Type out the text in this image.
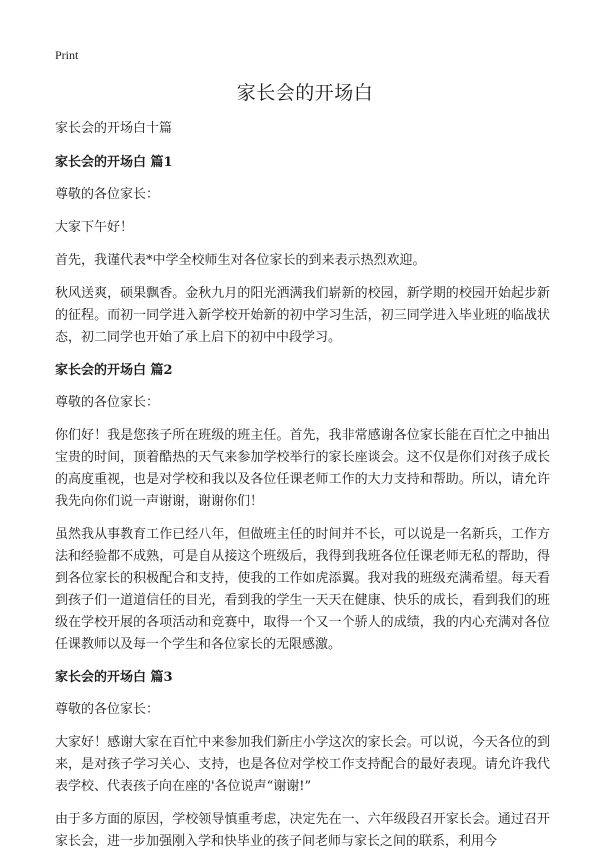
Print
家长会的开场白

家长会的开场白十篇

家长会的开场白 篇1

尊敬的各位家长：

大家下午好！

首先，我谨代表*中学全校师生对各位家长的到来表示热烈欢迎。

秋风送爽，硕果飘香。金秋九月的阳光洒满我们崭新的校园，新学期的校园开始起步新的征程。而初一同学进入新学校开始新的初中学习生活，初三同学进入毕业班的临战状态，初二同学也开始了承上启下的初中中段学习。

家长会的开场白 篇2

尊敬的各位家长：

你们好！我是您孩子所在班级的班主任。首先，我非常感谢各位家长能在百忙之中抽出宝贵的时间，顶着酷热的天气来参加学校举行的家长座谈会。这不仅是你们对孩子成长的高度重视，也是对学校和我以及各位任课老师工作的大力支持和帮助。所以，请允许我先向你们说一声谢谢，谢谢你们！

虽然我从事教育工作已经八年，但做班主任的时间并不长，可以说是一名新兵，工作方法和经验都不成熟，可是自从接这个班级后，我得到我班各位任课老师无私的帮助，得到各位家长的积极配合和支持，使我的工作如虎添翼。我对我的班级充满希望。每天看到孩子们一道道信任的目光，看到我的学生一天天在健康、快乐的成长，看到我们的班级在学校开展的各项活动和竞赛中，取得一个又一个骄人的成绩，我的内心充满对各位任课教师以及每一个学生和各位家长的无限感激。

家长会的开场白 篇3

尊敬的各位家长：

大家好！感谢大家在百忙中来参加我们新庄小学这次的家长会。可以说，今天各位的到来，是对孩子学习关心、支持，也是各位对学校工作支持配合的最好表现。请允许我代表学校、代表孩子向在座的'各位说声“谢谢!”

由于多方面的原因，学校领导慎重考虑，决定先在一、六年级段召开家长会。通过召开家长会，进一步加强刚入学和快毕业的孩子间老师与家长之间的联系，利用今
